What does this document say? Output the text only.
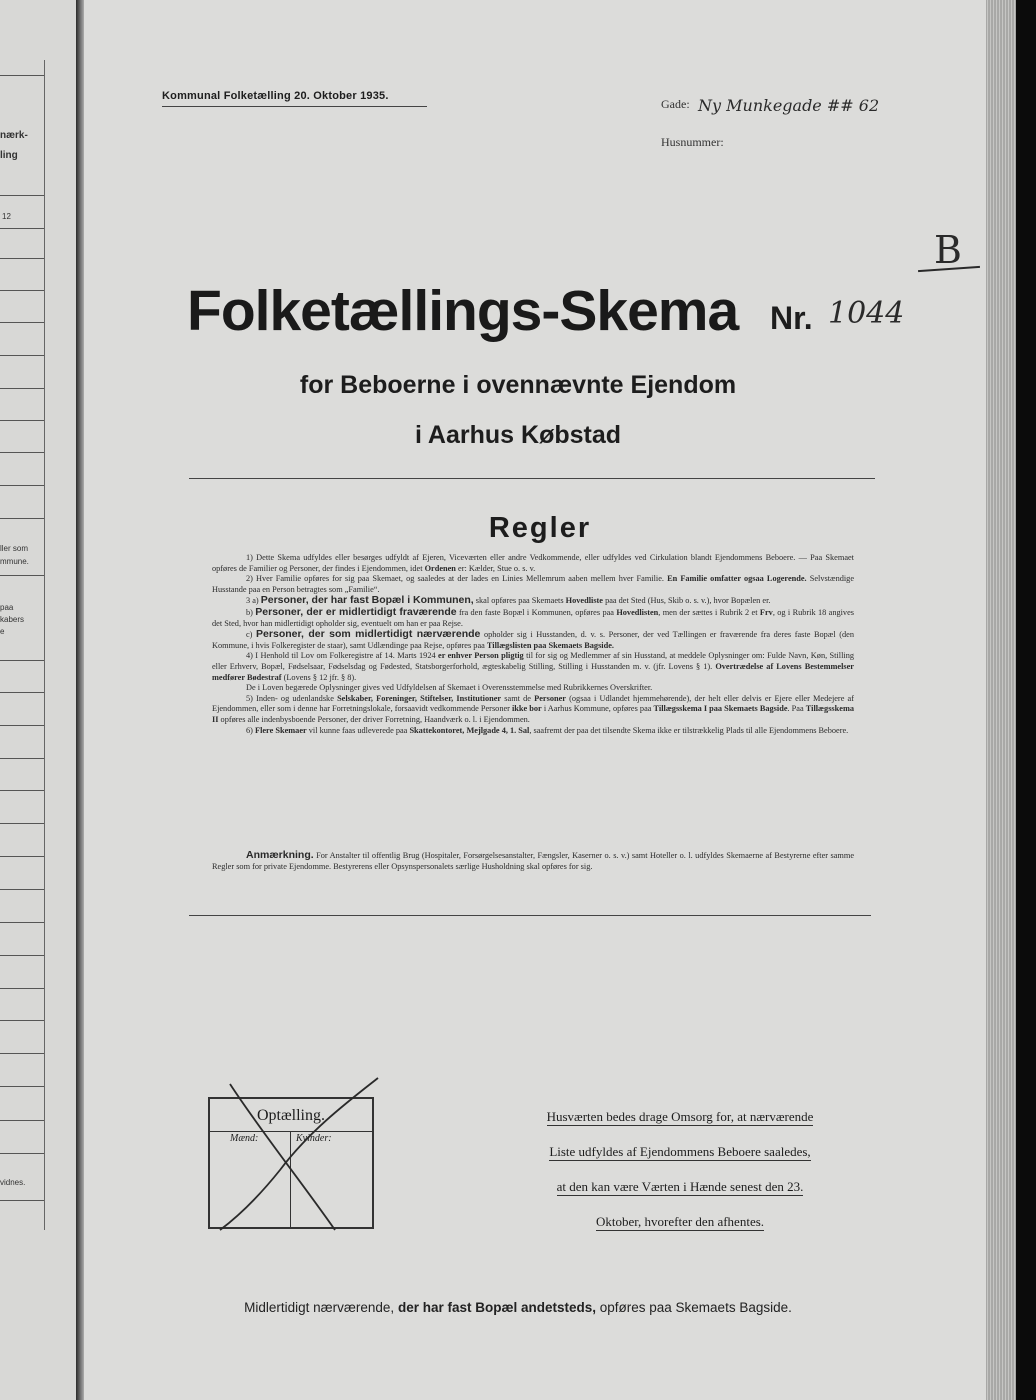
nærk-
ling
12
ller som
mmune.
paa
kabers
e
vidnes.
Kommunal Folketælling 20. Oktober 1935.
Gade: Ny Munkegade ## 62
Husnummer:
B
Folketællings-Skema Nr. 1044
for Beboerne i ovennævnte Ejendom
i Aarhus Købstad
Regler

1) Dette Skema udfyldes eller besørges udfyldt af Ejeren, Viceværten eller andre Vedkommende, eller udfyldes ved Cirkulation blandt Ejendommens Beboere. — Paa Skemaet opføres de Familier og Personer, der findes i Ejendommen, idet Ordenen er: Kælder, Stue o. s. v.

2) Hver Familie opføres for sig paa Skemaet, og saaledes at der lades en Linies Mellemrum aaben mellem hver Familie. En Familie omfatter ogsaa Logerende. Selvstændige Husstande paa en Person betragtes som „Familie“.

3 a) Personer, der har fast Bopæl i Kommunen, skal opføres paa Skemaets Hovedliste paa det Sted (Hus, Skib o. s. v.), hvor Bopælen er.

b) Personer, der er midlertidigt fraværende fra den faste Bopæl i Kommunen, opføres paa Hovedlisten, men der sættes i Rubrik 2 et Frv, og i Rubrik 18 angives det Sted, hvor han midlertidigt opholder sig, eventuelt om han er paa Rejse.

c) Personer, der som midlertidigt nærværende opholder sig i Husstanden, d. v. s. Personer, der ved Tællingen er fraværende fra deres faste Bopæl (den Kommune, i hvis Folkeregister de staar), samt Udlændinge paa Rejse, opføres paa Tillægslisten paa Skemaets Bagside.

4) I Henhold til Lov om Folkeregistre af 14. Marts 1924 er enhver Person pligtig til for sig og Medlemmer af sin Husstand, at meddele Oplysninger om: Fulde Navn, Køn, Stilling eller Erhverv, Bopæl, Fødselsaar, Fødselsdag og Fødested, Statsborgerforhold, ægteskabelig Stilling, Stilling i Husstanden m. v. (jfr. Lovens § 1). Overtrædelse af Lovens Bestemmelser medfører Bødestraf (Lovens § 12 jfr. § 8).

De i Loven begærede Oplysninger gives ved Udfyldelsen af Skemaet i Overensstemmelse med Rubrikkernes Overskrifter.

5) Inden- og udenlandske Selskaber, Foreninger, Stiftelser, Institutioner samt de Personer (ogsaa i Udlandet hjemmehørende), der helt eller delvis er Ejere eller Medejere af Ejendommen, eller som i denne har Forretningslokale, forsaavidt vedkommende Personer ikke bor i Aarhus Kommune, opføres paa Tillægsskema I paa Skemaets Bagside. Paa Tillægsskema II opføres alle indenbysboende Personer, der driver Forretning, Haandværk o. l. i Ejendommen.

6) Flere Skemaer vil kunne faas udleverede paa Skattekontoret, Mejlgade 4, 1. Sal, saafremt der paa det tilsendte Skema ikke er tilstrækkelig Plads til alle Ejendommens Beboere.

Anmærkning. For Anstalter til offentlig Brug (Hospitaler, Forsørgelsesanstalter, Fængsler, Kaserner o. s. v.) samt Hoteller o. l. udfyldes Skemaerne af Bestyrerne efter samme Regler som for private Ejendomme. Bestyrerens eller Opsynspersonalets særlige Husholdning skal opføres for sig.

Optælling.
Mænd:	Kvinder:
Husværten bedes drage Omsorg for, at nærværende
Liste udfyldes af Ejendommens Beboere saaledes,
at den kan være Værten i Hænde senest den 23.
Oktober, hvorefter den afhentes.
Midlertidigt nærværende, der har fast Bopæl andetsteds, opføres paa Skemaets Bagside.
